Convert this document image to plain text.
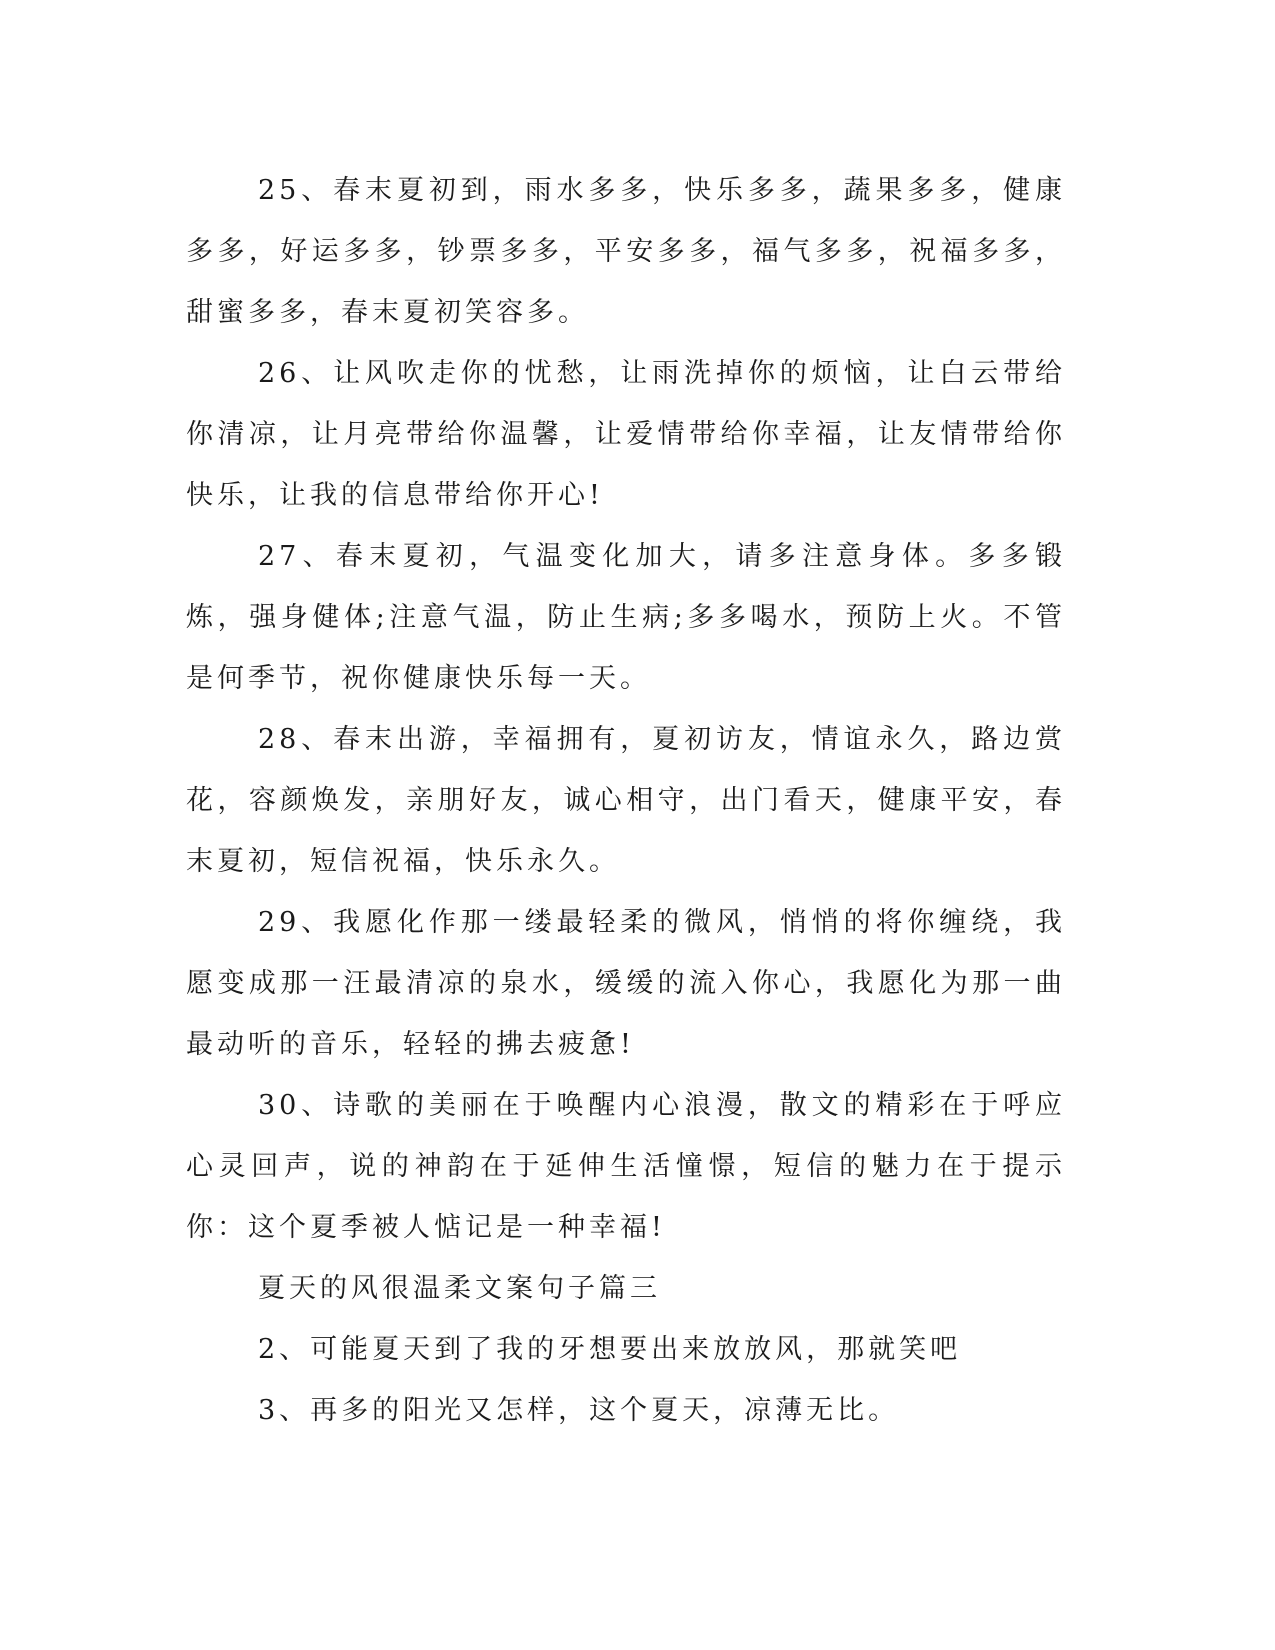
25、春末夏初到，雨水多多，快乐多多，蔬果多多，健康多多，好运多多，钞票多多，平安多多，福气多多，祝福多多，甜蜜多多，春末夏初笑容多。

26、让风吹走你的忧愁，让雨洗掉你的烦恼，让白云带给你清凉，让月亮带给你温馨，让爱情带给你幸福，让友情带给你快乐，让我的信息带给你开心!

27、春末夏初，气温变化加大，请多注意身体。多多锻炼，强身健体;注意气温，防止生病;多多喝水，预防上火。不管是何季节，祝你健康快乐每一天。

28、春末出游，幸福拥有，夏初访友，情谊永久，路边赏花，容颜焕发，亲朋好友，诚心相守，出门看天，健康平安，春末夏初，短信祝福，快乐永久。

29、我愿化作那一缕最轻柔的微风，悄悄的将你缠绕，我愿变成那一汪最清凉的泉水，缓缓的流入你心，我愿化为那一曲最动听的音乐，轻轻的拂去疲惫!

30、诗歌的美丽在于唤醒内心浪漫，散文的精彩在于呼应心灵回声，说的神韵在于延伸生活憧憬，短信的魅力在于提示你：这个夏季被人惦记是一种幸福!

夏天的风很温柔文案句子篇三

2、可能夏天到了我的牙想要出来放放风，那就笑吧

3、再多的阳光又怎样，这个夏天，凉薄无比。
